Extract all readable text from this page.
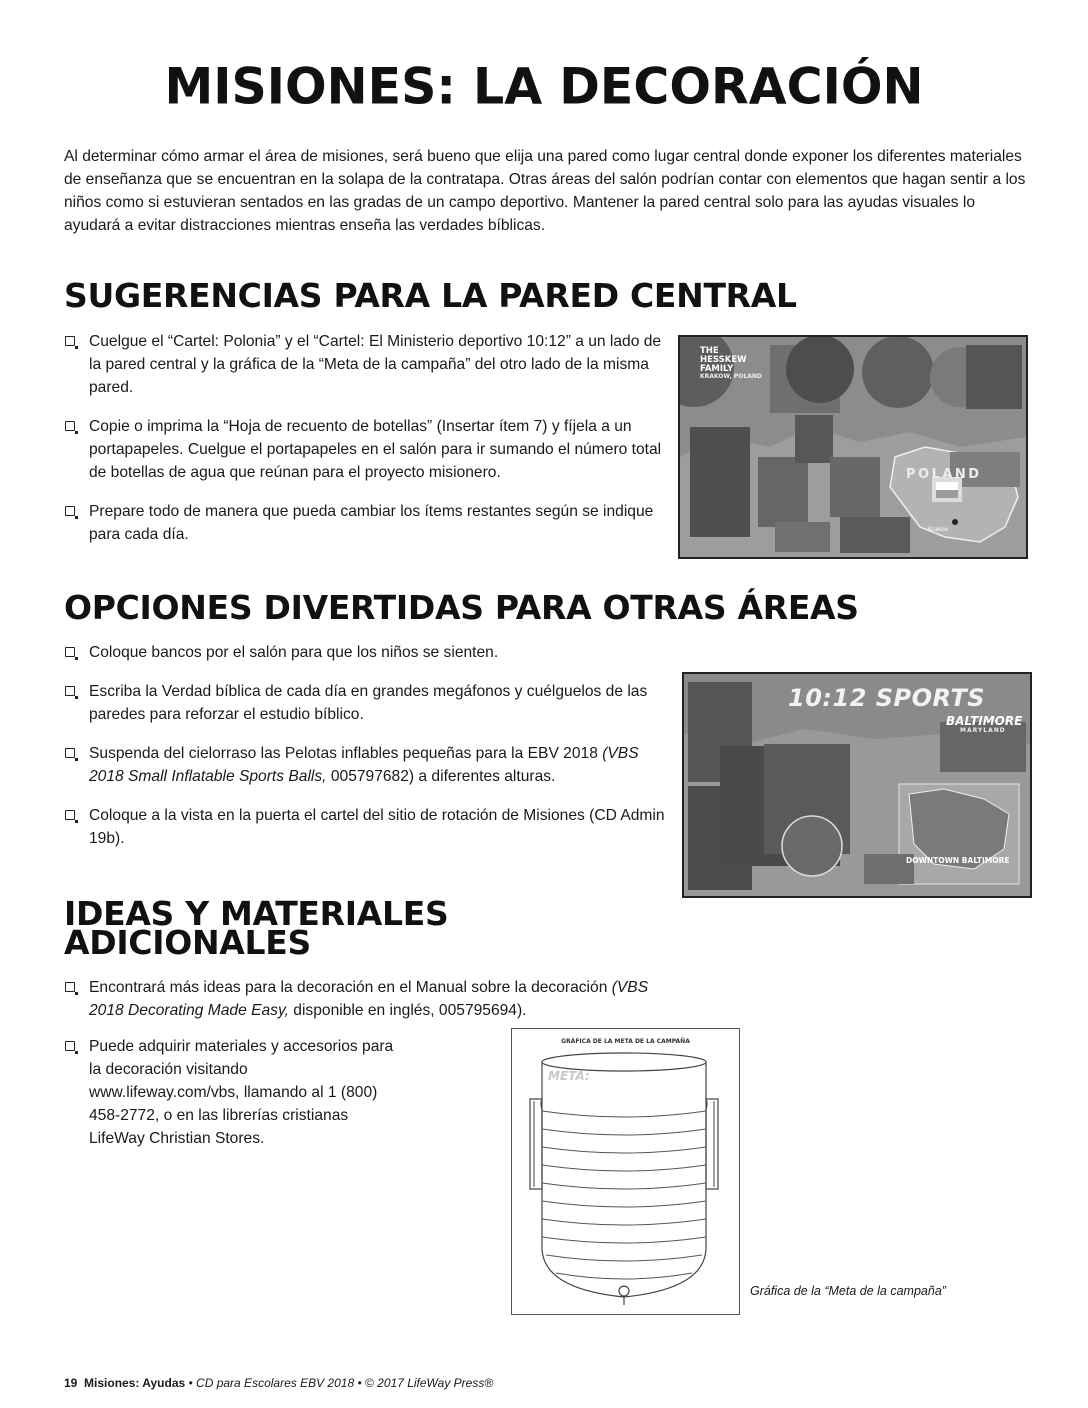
MISIONES: LA DECORACIÓN

Al determinar cómo armar el área de misiones, será bueno que elija una pared como lugar central donde exponer los diferentes materiales de enseñanza que se encuentran en la solapa de la contratapa. Otras áreas del salón podrían contar con elementos que hagan sentir a los niños como si estuvieran sentados en las gradas de un campo deportivo. Mantener la pared central solo para las ayudas visuales lo ayudará a evitar distracciones mientras enseña las verdades bíblicas.

SUGERENCIAS PARA LA PARED CENTRAL
Cuelgue el “Cartel: Polonia” y el “Cartel: El Ministerio deportivo 10:12” a un lado de la pared central y la gráfica de la “Meta de la campaña” del otro lado de la misma pared.
Copie o imprima la “Hoja de recuento de botellas” (Insertar ítem 7) y fíjela a un portapapeles. Cuelgue el portapapeles en el salón para ir sumando el número total de botellas de agua que reúnan para el proyecto misionero.
Prepare todo de manera que pueda cambiar los ítems restantes según se indique para cada día.
THE HESSKEW FAMILY
KRAKOW, POLAND
POLAND
Krakow
OPCIONES DIVERTIDAS PARA OTRAS ÁREAS
Coloque bancos por el salón para que los niños se sienten.
Escriba la Verdad bíblica de cada día en grandes megáfonos y cuélguelos de las paredes para reforzar el estudio bíblico.
Suspenda del cielorraso las Pelotas inflables pequeñas para la EBV 2018 (VBS 2018 Small Inflatable Sports Balls, 005797682) a diferentes alturas.
Coloque a la vista en la puerta el cartel del sitio de rotación de Misiones (CD Admin 19b).
10:12 SPORTS
BALTIMORE
MARYLAND
DOWNTOWN BALTIMORE
IDEAS Y MATERIALES
ADICIONALES
Encontrará más ideas para la decoración en el Manual sobre la decoración (VBS 2018 Decorating Made Easy, disponible en inglés, 005795694).
Puede adquirir materiales y accesorios para la decoración visitando www.lifeway.com/vbs, llamando al 1 (800) 458-2772, o en las librerías cristianas LifeWay Christian Stores.
GRÁFICA DE LA META DE LA CAMPAÑA
META:
Gráfica de la “Meta de la campaña”
19 Misiones: Ayudas • CD para Escolares EBV 2018 • © 2017 LifeWay Press®
